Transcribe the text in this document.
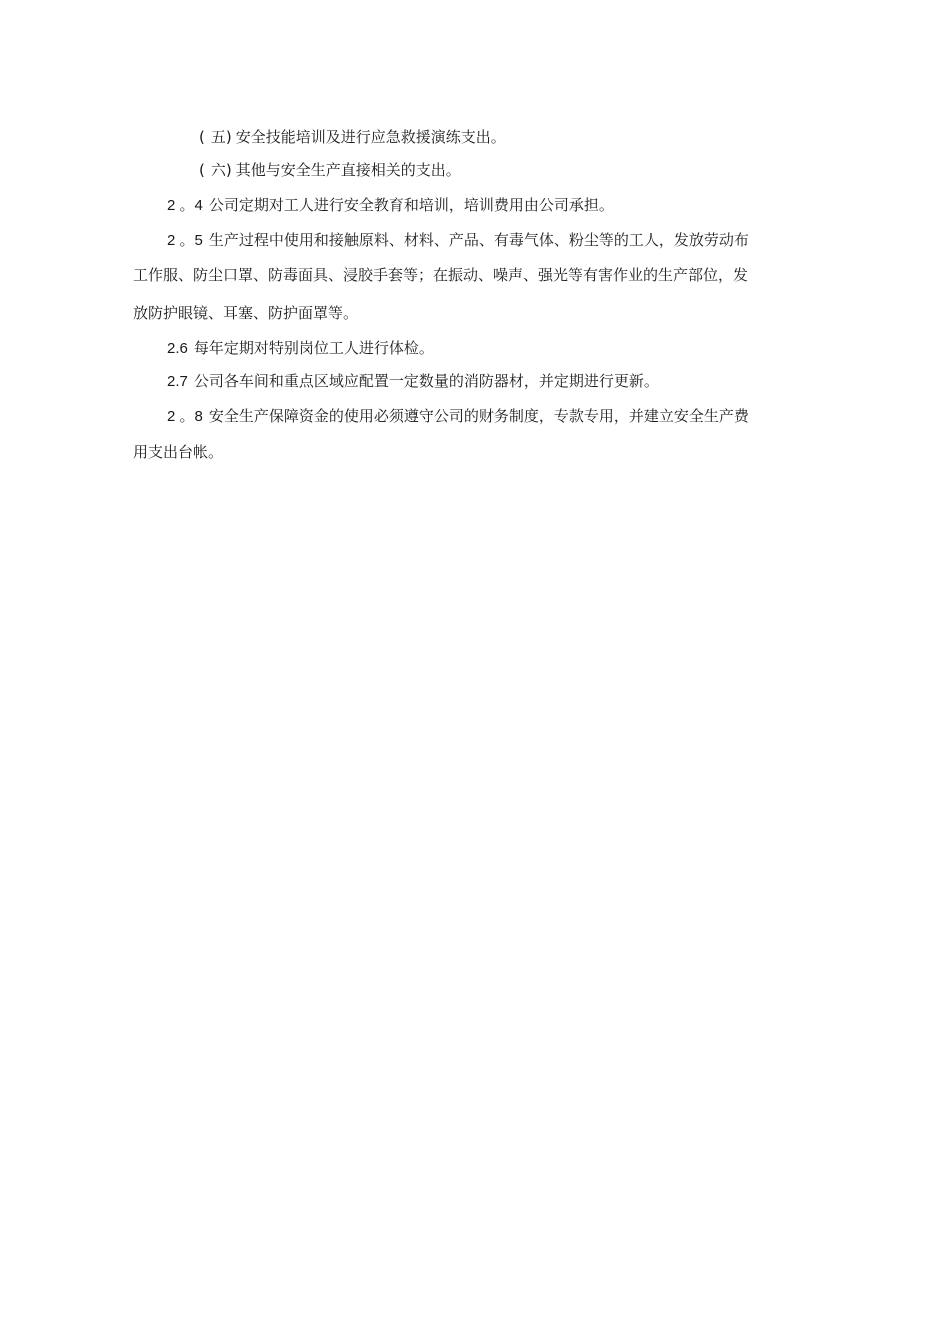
( 五) 安全技能培训及进行应急救援演练支出。
( 六) 其他与安全生产直接相关的支出。
2 。4 公司定期对工人进行安全教育和培训，培训费用由公司承担。
2 。5 生产过程中使用和接触原料、材料、产品、有毒气体、粉尘等的工人，发放劳动布
工作服、防尘口罩、防毒面具、浸胶手套等；在振动、噪声、强光等有害作业的生产部位，发
放防护眼镜、耳塞、防护面罩等。
2.6 每年定期对特别岗位工人进行体检。
2.7 公司各车间和重点区域应配置一定数量的消防器材，并定期进行更新。
2 。8 安全生产保障资金的使用必须遵守公司的财务制度，专款专用，并建立安全生产费
用支出台帐。
